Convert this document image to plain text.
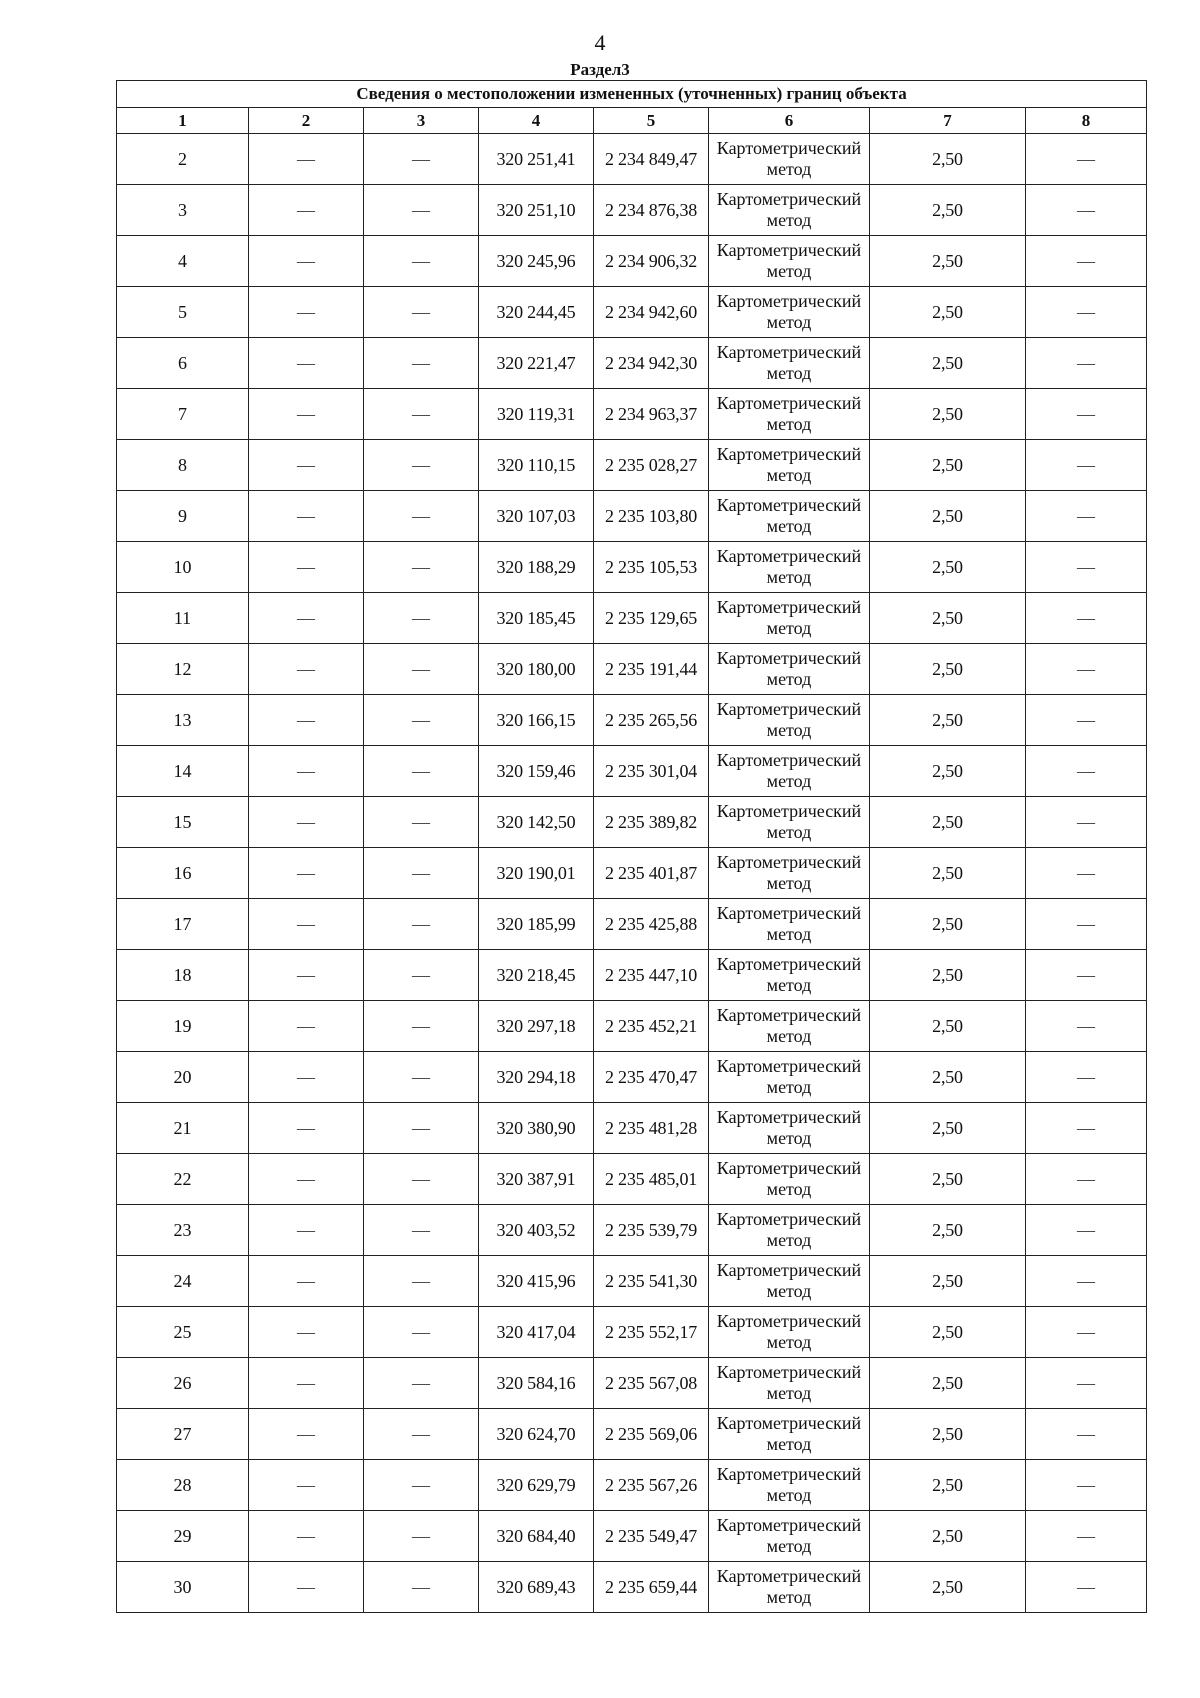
4
Раздел3
Сведения о местоположении измененных (уточненных) границ объекта							
1	2	3	4	5	6	7	8
2	—	—	320 251,41	2 234 849,47	Картометрический метод	2,50	—
3	—	—	320 251,10	2 234 876,38	Картометрический метод	2,50	—
4	—	—	320 245,96	2 234 906,32	Картометрический метод	2,50	—
5	—	—	320 244,45	2 234 942,60	Картометрический метод	2,50	—
6	—	—	320 221,47	2 234 942,30	Картометрический метод	2,50	—
7	—	—	320 119,31	2 234 963,37	Картометрический метод	2,50	—
8	—	—	320 110,15	2 235 028,27	Картометрический метод	2,50	—
9	—	—	320 107,03	2 235 103,80	Картометрический метод	2,50	—
10	—	—	320 188,29	2 235 105,53	Картометрический метод	2,50	—
11	—	—	320 185,45	2 235 129,65	Картометрический метод	2,50	—
12	—	—	320 180,00	2 235 191,44	Картометрический метод	2,50	—
13	—	—	320 166,15	2 235 265,56	Картометрический метод	2,50	—
14	—	—	320 159,46	2 235 301,04	Картометрический метод	2,50	—
15	—	—	320 142,50	2 235 389,82	Картометрический метод	2,50	—
16	—	—	320 190,01	2 235 401,87	Картометрический метод	2,50	—
17	—	—	320 185,99	2 235 425,88	Картометрический метод	2,50	—
18	—	—	320 218,45	2 235 447,10	Картометрический метод	2,50	—
19	—	—	320 297,18	2 235 452,21	Картометрический метод	2,50	—
20	—	—	320 294,18	2 235 470,47	Картометрический метод	2,50	—
21	—	—	320 380,90	2 235 481,28	Картометрический метод	2,50	—
22	—	—	320 387,91	2 235 485,01	Картометрический метод	2,50	—
23	—	—	320 403,52	2 235 539,79	Картометрический метод	2,50	—
24	—	—	320 415,96	2 235 541,30	Картометрический метод	2,50	—
25	—	—	320 417,04	2 235 552,17	Картометрический метод	2,50	—
26	—	—	320 584,16	2 235 567,08	Картометрический метод	2,50	—
27	—	—	320 624,70	2 235 569,06	Картометрический метод	2,50	—
28	—	—	320 629,79	2 235 567,26	Картометрический метод	2,50	—
29	—	—	320 684,40	2 235 549,47	Картометрический метод	2,50	—
30	—	—	320 689,43	2 235 659,44	Картометрический метод	2,50	—
